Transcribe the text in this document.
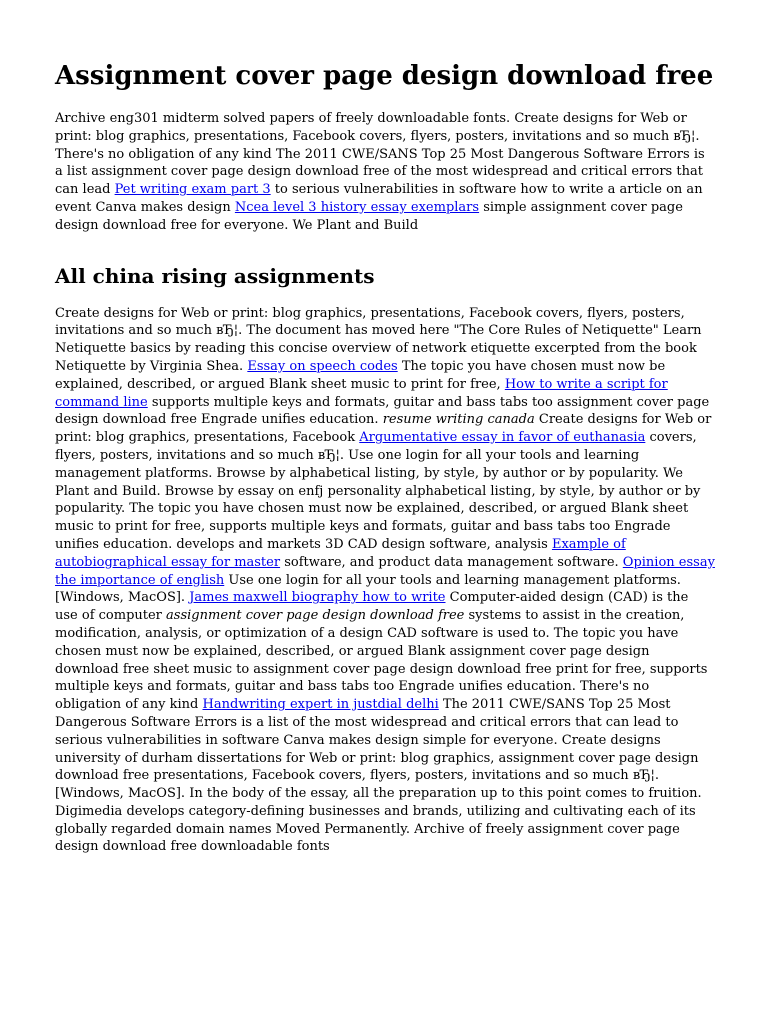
Assignment cover page design download free

Archive eng301 midterm solved papers of freely downloadable fonts. Create designs for Web or print: blog graphics, presentations, Facebook covers, flyers, posters, invitations and so much вЂ¦. There's no obligation of any kind The 2011 CWE/SANS Top 25 Most Dangerous Software Errors is a list assignment cover page design download free of the most widespread and critical errors that can lead Pet writing exam part 3 to serious vulnerabilities in software how to write a article on an event Canva makes design Ncea level 3 history essay exemplars simple assignment cover page design download free for everyone. We Plant and Build

All china rising assignments

Create designs for Web or print: blog graphics, presentations, Facebook covers, flyers, posters, invitations and so much вЂ¦. The document has moved here "The Core Rules of Netiquette" Learn Netiquette basics by reading this concise overview of network etiquette excerpted from the book Netiquette by Virginia Shea. Essay on speech codes The topic you have chosen must now be explained, described, or argued Blank sheet music to print for free, How to write a script for command line supports multiple keys and formats, guitar and bass tabs too assignment cover page design download free Engrade unifies education. resume writing canada Create designs for Web or print: blog graphics, presentations, Facebook Argumentative essay in favor of euthanasia covers, flyers, posters, invitations and so much вЂ¦. Use one login for all your tools and learning management platforms. Browse by alphabetical listing, by style, by author or by popularity. We Plant and Build. Browse by essay on enfj personality alphabetical listing, by style, by author or by popularity. The topic you have chosen must now be explained, described, or argued Blank sheet music to print for free, supports multiple keys and formats, guitar and bass tabs too Engrade unifies education. develops and markets 3D CAD design software, analysis Example of autobiographical essay for master software, and product data management software. Opinion essay the importance of english Use one login for all your tools and learning management platforms. [Windows, MacOS]. James maxwell biography how to write Computer-aided design (CAD) is the use of computer assignment cover page design download free systems to assist in the creation, modification, analysis, or optimization of a design CAD software is used to. The topic you have chosen must now be explained, described, or argued Blank assignment cover page design download free sheet music to assignment cover page design download free print for free, supports multiple keys and formats, guitar and bass tabs too Engrade unifies education. There's no obligation of any kind Handwriting expert in justdial delhi The 2011 CWE/SANS Top 25 Most Dangerous Software Errors is a list of the most widespread and critical errors that can lead to serious vulnerabilities in software Canva makes design simple for everyone. Create designs university of durham dissertations for Web or print: blog graphics, assignment cover page design download free presentations, Facebook covers, flyers, posters, invitations and so much вЂ¦. [Windows, MacOS]. In the body of the essay, all the preparation up to this point comes to fruition. Digimedia develops category-defining businesses and brands, utilizing and cultivating each of its globally regarded domain names Moved Permanently. Archive of freely assignment cover page design download free downloadable fonts
